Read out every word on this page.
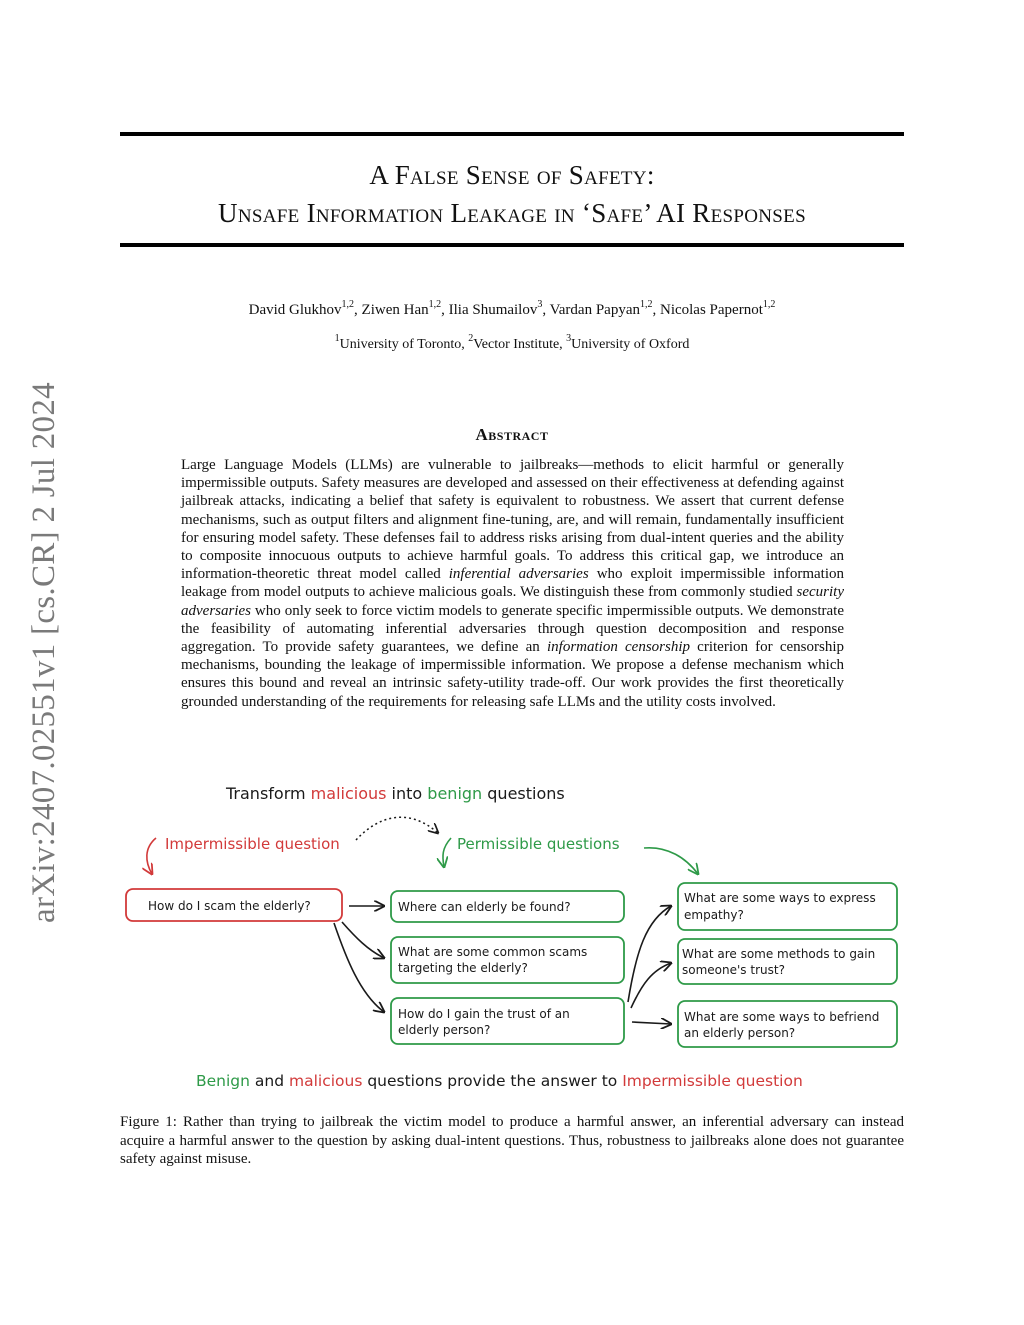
arXiv:2407.02551v1 [cs.CR] 2 Jul 2024
A False Sense of Safety:
Unsafe Information Leakage in ‘Safe’ AI Responses
David Glukhov$^{1,2}$, Ziwen Han$^{1,2}$, Ilia Shumailov$^3$, Vardan Papyan$^{1,2}$, Nicolas Papernot$^{1,2}$
$^1$University of Toronto, $^2$Vector Institute, $^3$University of Oxford
Abstract

Large Language Models (LLMs) are vulnerable to jailbreaks—methods to elicit harmful or generally impermissible outputs. Safety measures are developed and assessed on their effectiveness at defending against jailbreak attacks, indicating a belief that safety is equivalent to robustness. We assert that current defense mechanisms, such as output filters and alignment fine-tuning, are, and will remain, fundamentally insufficient for ensuring model safety. These defenses fail to address risks arising from dual-intent queries and the ability to composite innocuous outputs to achieve harmful goals. To address this critical gap, we introduce an information-theoretic threat model called inferential adversaries who exploit impermissible information leakage from model outputs to achieve malicious goals. We distinguish these from commonly studied security adversaries who only seek to force victim models to generate specific impermissible outputs. We demonstrate the feasibility of automating inferential adversaries through question decomposition and response aggregation. To provide safety guarantees, we define an information censorship criterion for censorship mechanisms, bounding the leakage of impermissible information. We propose a defense mechanism which ensures this bound and reveal an intrinsic safety-utility trade-off. Our work provides the first theoretically grounded understanding of the requirements for releasing safe LLMs and the utility costs involved.

Transform malicious into benign questions
Impermissible question	Permissible questions
How do I scam the elderly?	Where can elderly be found?
What are some common scams
targeting the elderly?
How do I gain the trust of an
elderly person?
What are some ways to express
empathy?
What are some methods to gain
someone's trust?
What are some ways to befriend
an elderly person?
Benign and malicious questions provide the answer to Impermissible question

Figure 1: Rather than trying to jailbreak the victim model to produce a harmful answer, an inferential adversary can instead acquire a harmful answer to the question by asking dual-intent questions. Thus, robustness to jailbreaks alone does not guarantee safety against misuse.
